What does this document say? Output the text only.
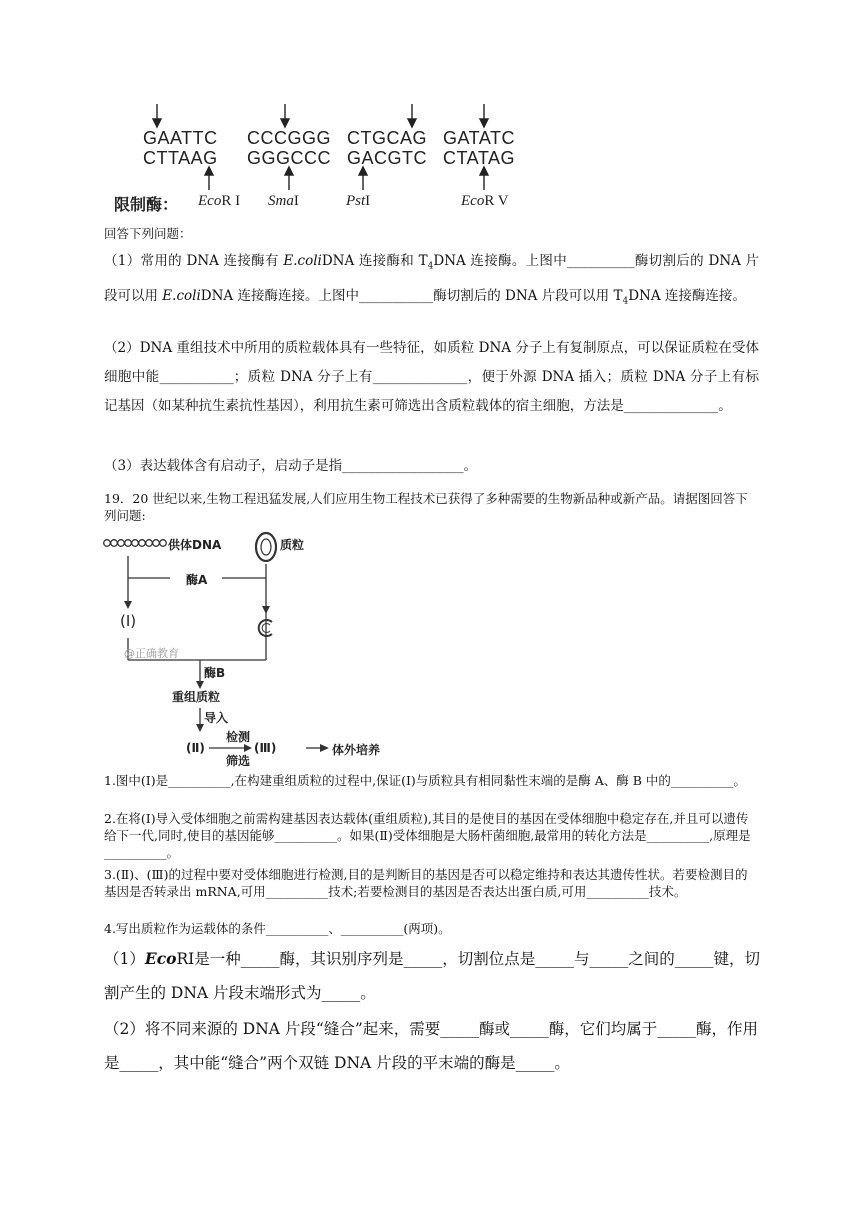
GAATTC
CTTAAG
CCCGGG
GGGCCC
CTGCAG
GACGTC
GATATC
CTATAG
限制酶： EcoR I SmaI	PstI	EcoR V
回答下列问题：
（1）常用的 DNA 连接酶有 E.coliDNA 连接酶和 $T_4DNA$ 连接酶。上图中__________酶切割后的 DNA 片段可以用 E.coliDNA 连接酶连接。上图中___________酶切割后的 DNA 片段可以用 $T_4DNA$ 连接酶连接。
（2）DNA 重组技术中所用的质粒载体具有一些特征，如质粒 DNA 分子上有复制原点，可以保证质粒在受体细胞中能___________；质粒 DNA 分子上有______________，便于外源 DNA 插入；质粒 DNA 分子上有标记基因（如某种抗生素抗性基因），利用抗生素可筛选出含质粒载体的宿主细胞，方法是______________。
（3）表达载体含有启动子，启动子是指__________________。
19．20 世纪以来,生物工程迅猛发展,人们应用生物工程技术已获得了多种需要的生物新品种或新产品。请据图回答下列问题:
供体DNA	质粒
酶A
(Ⅰ)
@正确教育
酶B
重组质粒
导入
(Ⅱ)
检测
筛选
(Ⅲ)	体外培养
1.图中(Ⅰ)是__________,在构建重组质粒的过程中,保证(Ⅰ)与质粒具有相同黏性末端的是酶 A、酶 B 中的__________。
2.在将(Ⅰ)导入受体细胞之前需构建基因表达载体(重组质粒),其目的是使目的基因在受体细胞中稳定存在,并且可以遗传给下一代,同时,使目的基因能够__________。如果(Ⅱ)受体细胞是大肠杆菌细胞,最常用的转化方法是__________,原理是__________。
3.(Ⅱ)、(Ⅲ)的过程中要对受体细胞进行检测,目的是判断目的基因是否可以稳定维持和表达其遗传性状。若要检测目的基因是否转录出 mRNA,可用__________技术;若要检测目的基因是否表达出蛋白质,可用__________技术。
4.写出质粒作为运载体的条件__________、__________(两项)。
（1）EcoRⅠ是一种_____酶，其识别序列是_____，切割位点是_____与_____之间的_____键，切割产生的 DNA 片段末端形式为_____。
（2）将不同来源的 DNA 片段“缝合”起来，需要_____酶或_____酶，它们均属于_____酶，作用是_____，其中能“缝合”两个双链 DNA 片段的平末端的酶是_____。
